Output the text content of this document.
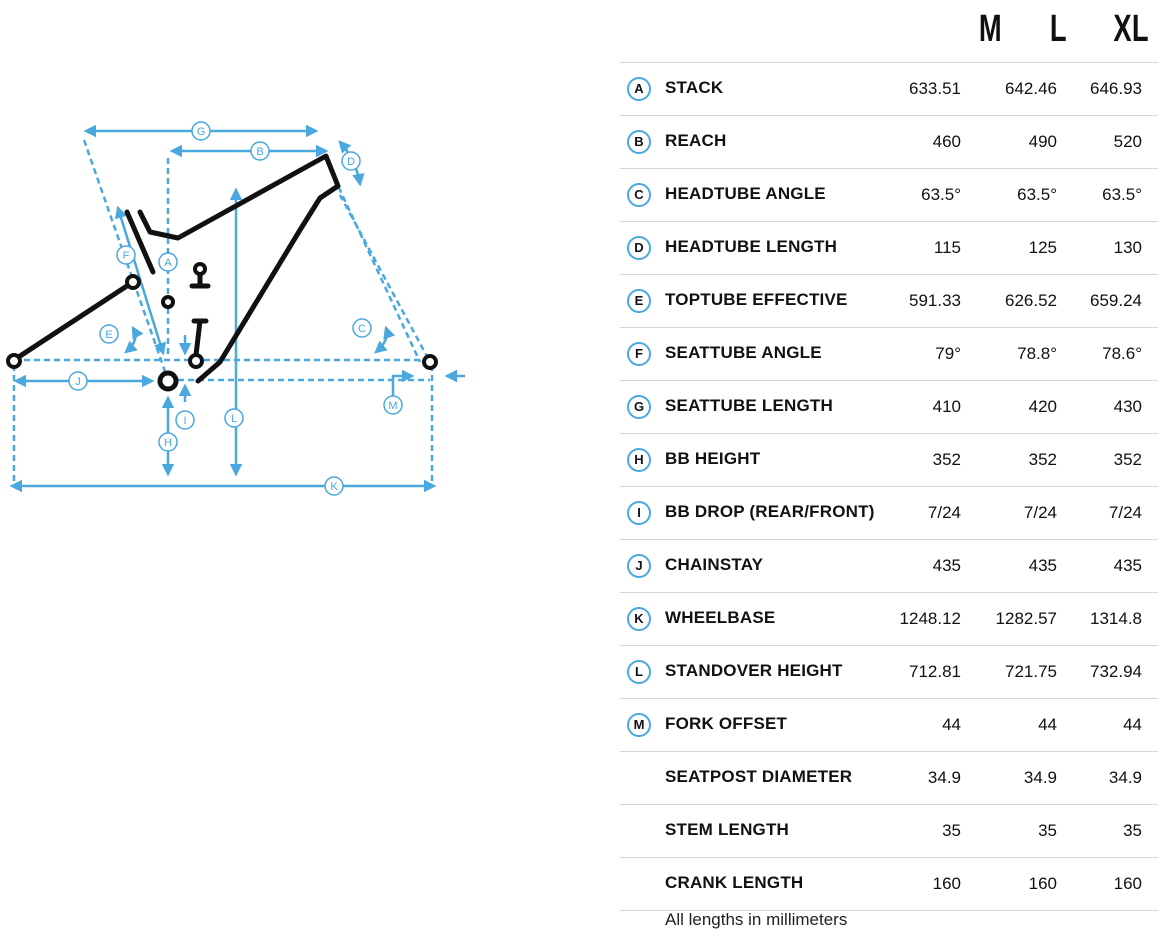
A
B
C
D
E
F
G
H
I
J
K
L
M
M	L	XL
A	STACK	633.51	642.46	646.93
B	REACH	460	490	520
C	HEADTUBE ANGLE	63.5°	63.5°	63.5°
D	HEADTUBE LENGTH	115	125	130
E	TOPTUBE EFFECTIVE	591.33	626.52	659.24
F	SEATTUBE ANGLE	79°	78.8°	78.6°
G	SEATTUBE LENGTH	410	420	430
H	BB HEIGHT	352	352	352
I	BB DROP (REAR/FRONT)	7/24	7/24	7/24
J	CHAINSTAY	435	435	435
K	WHEELBASE	1248.12	1282.57	1314.8
L	STANDOVER HEIGHT	712.81	721.75	732.94
M	FORK OFFSET	44	44	44
SEATPOST DIAMETER	34.9	34.9	34.9
STEM LENGTH	35	35	35
CRANK LENGTH	160	160	160
All lengths in millimeters
